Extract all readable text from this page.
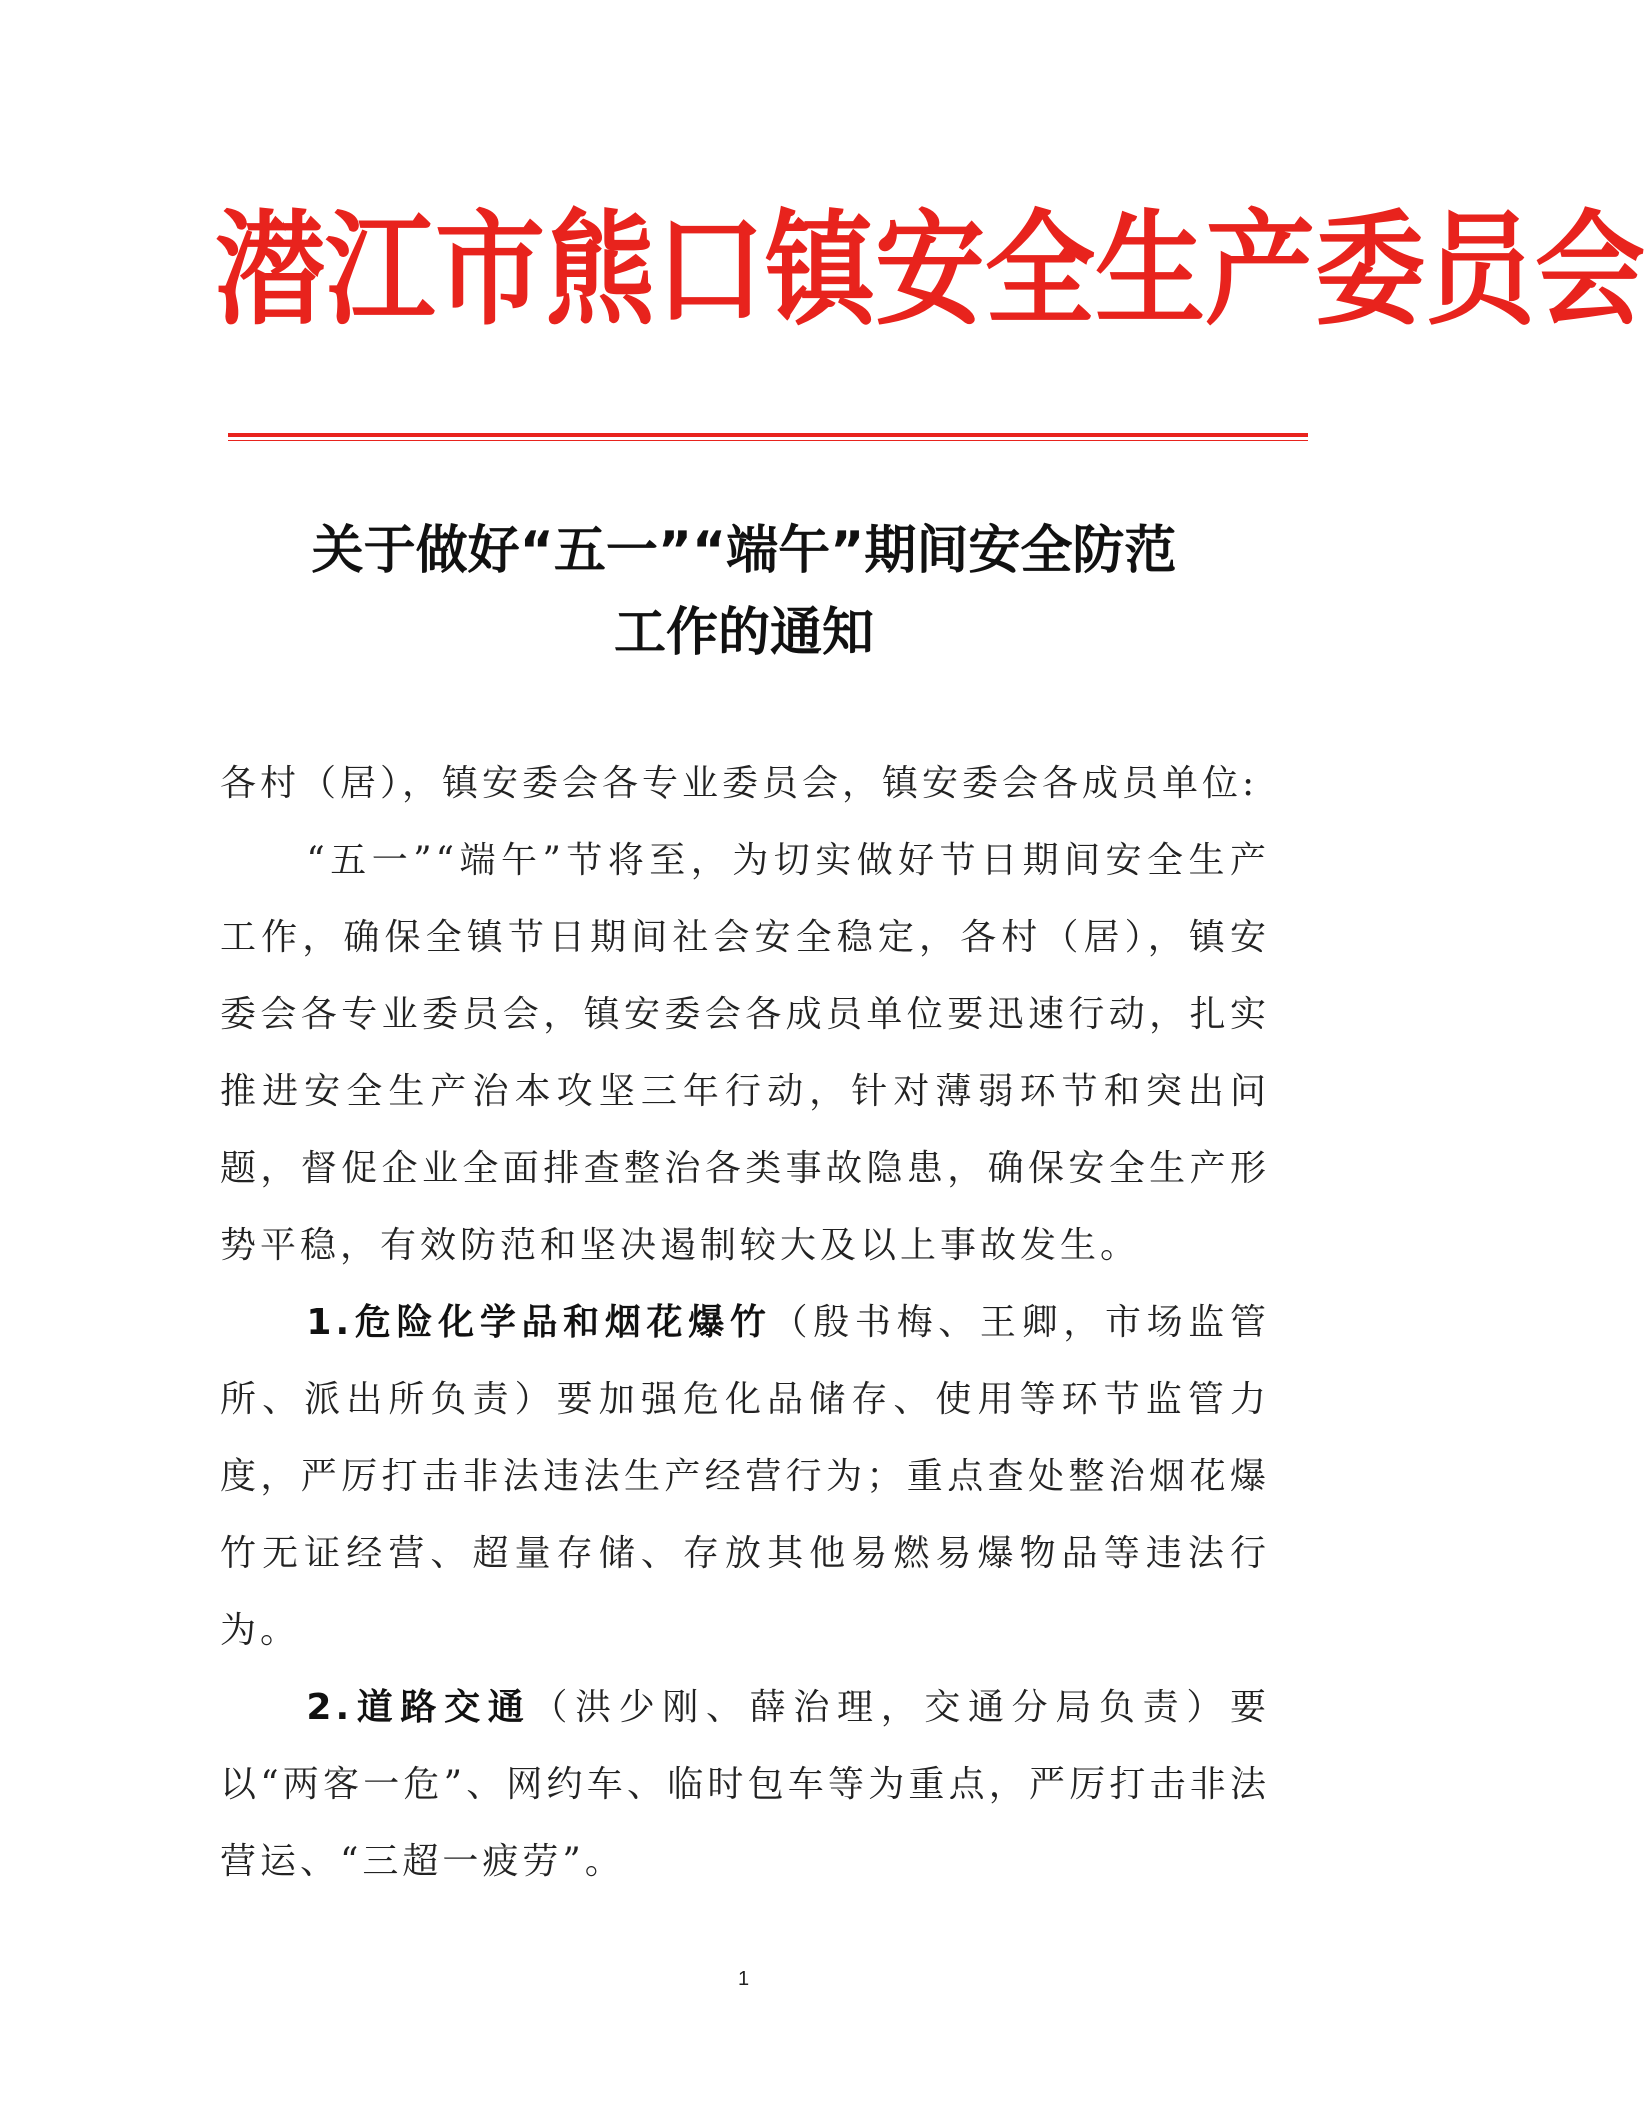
潜 江 市 熊 口 镇 安 全 生 产 委 员 会
关于做好“五一”“端午”期间安全防范
工作的通知

各村（居），镇安委会各专业委员会，镇安委会各成员单位:

“五一”“端午”节将至，为切实做好节日期间安全生产工作，确保全镇节日期间社会安全稳定，各村（居），镇安委会各专业委员会，镇安委会各成员单位要迅速行动，扎实推进安全生产治本攻坚三年行动，针对薄弱环节和突出问题，督促企业全面排查整治各类事故隐患，确保安全生产形势平稳，有效防范和坚决遏制较大及以上事故发生。

1.危险化学品和烟花爆竹（殷书梅、王卿，市场监管所、派出所负责）要加强危化品储存、使用等环节监管力度，严厉打击非法违法生产经营行为；重点查处整治烟花爆竹无证经营、超量存储、存放其他易燃易爆物品等违法行为。

2.道路交通（洪少刚、薛治理，交通分局负责）要以“两客一危”、网约车、临时包车等为重点，严厉打击非法营运、“三超一疲劳”。

1
